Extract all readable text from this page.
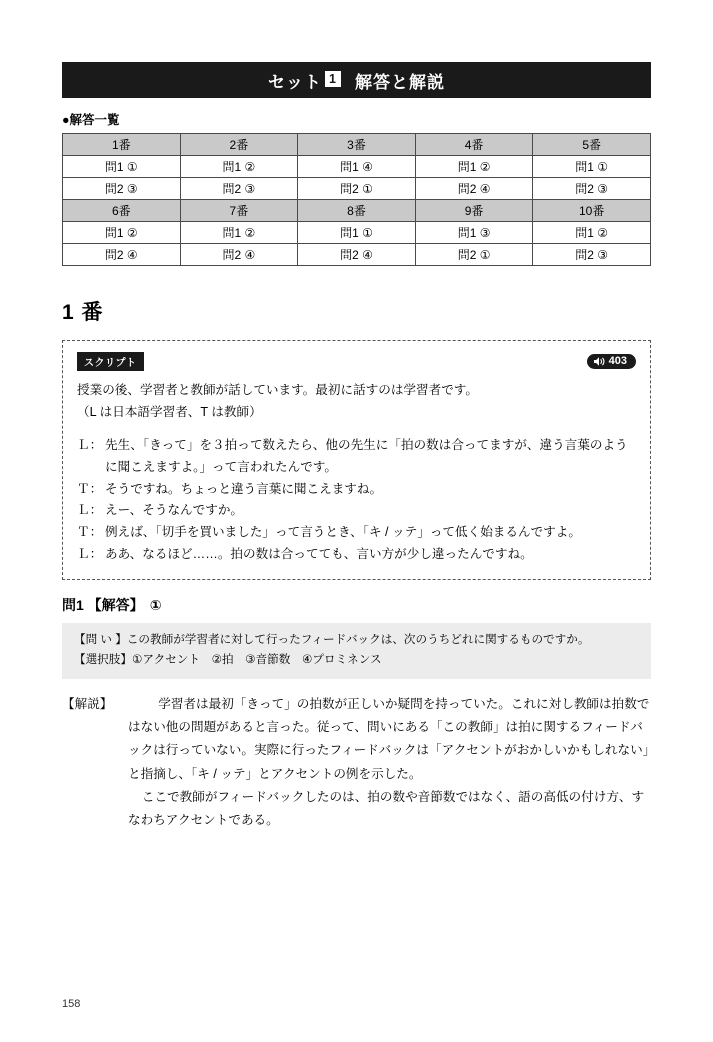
セット 1 解答と解説
●解答一覧
1番	2番	3番	4番	5番
問1 ①	問1 ②	問1 ④	問1 ②	問1 ①
問2 ③	問2 ③	問2 ①	問2 ④	問2 ③
6番	7番	8番	9番	10番
問1 ②	問1 ②	問1 ①	問1 ③	問1 ②
問2 ④	問2 ④	問2 ④	問2 ①	問2 ③
1 番
スクリプト	403
授業の後、学習者と教師が話しています。最初に話すのは学習者です。
（L は日本語学習者、T は教師）
Ｌ： 先生、「きって」を３拍って数えたら、他の先生に「拍の数は合ってますが、違う言葉のように聞こえますよ。」って言われたんです。
Ｔ： そうですね。ちょっと違う言葉に聞こえますね。
Ｌ： えー、そうなんですか。
Ｔ： 例えば、「切手を買いました」って言うとき、「キ / ッテ」って低く始まるんですよ。
Ｌ： ああ、なるほど……。拍の数は合ってても、言い方が少し違ったんですね。
問1 【解答】 ①
【問 い 】 この教師が学習者に対して行ったフィードバックは、次のうちどれに関するものですか。
【選択肢】 ①アクセント　②拍　③音節数　④プロミネンス
【解説】	学習者は最初「きって」の拍数が正しいか疑問を持っていた。これに対し教師は拍数ではない他の問題があると言った。従って、問いにある「この教師」は拍に関するフィードバックは行っていない。実際に行ったフィードバックは「アクセントがおかしいかもしれない」と指摘し、「キ / ッテ」とアクセントの例を示した。

ここで教師がフィードバックしたのは、拍の数や音節数ではなく、語の高低の付け方、すなわちアクセントである。

158
